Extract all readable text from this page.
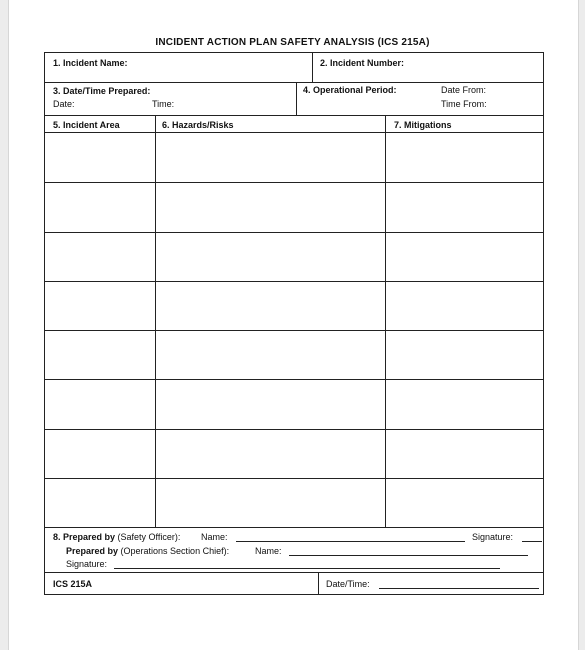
INCIDENT ACTION PLAN SAFETY ANALYSIS (ICS 215A)
1. Incident Name:	2. Incident Number:
3. Date/Time Prepared:
Date:	Time:
4. Operational Period:	Date From:
Time From:
5. Incident Area	6. Hazards/Risks	7. Mitigations
8. Prepared by (Safety Officer): Name:	Signature:
Prepared by (Operations Section Chief):	Name:
Signature:
ICS 215A	Date/Time:
